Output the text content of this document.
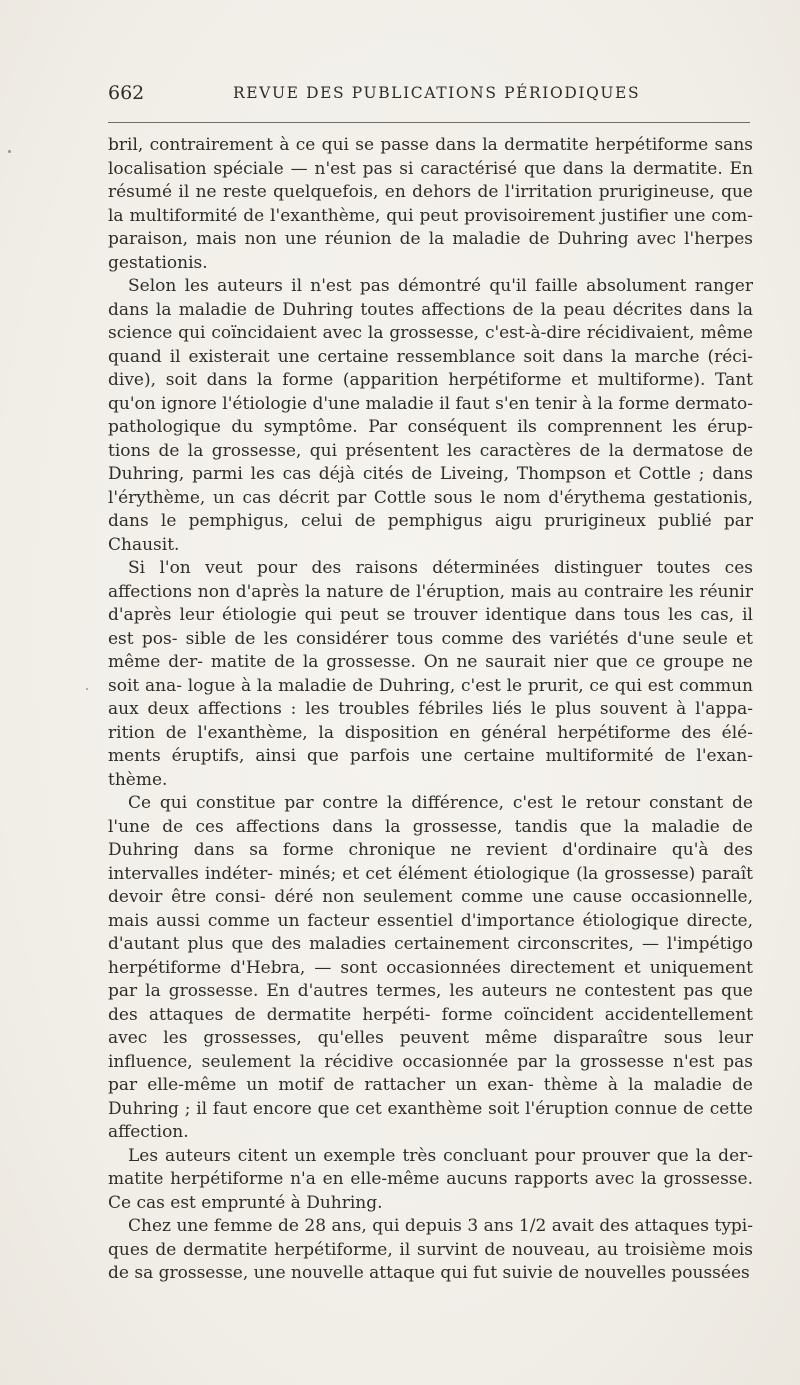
662	REVUE DES PUBLICATIONS PÉRIODIQUES

bril, contrairement à ce qui se passe dans la dermatite herpétiforme sans localisation spéciale — n'est pas si caractérisé que dans la dermatite. En résumé il ne reste quelquefois, en dehors de l'irritation prurigineuse, que la multiformité de l'exanthème, qui peut provisoirement justifier une com- paraison, mais non une réunion de la maladie de Duhring avec l'herpes gestationis.

Selon les auteurs il n'est pas démontré qu'il faille absolument ranger dans la maladie de Duhring toutes affections de la peau décrites dans la science qui coïncidaient avec la grossesse, c'est-à-dire récidivaient, même quand il existerait une certaine ressemblance soit dans la marche (réci- dive), soit dans la forme (apparition herpétiforme et multiforme). Tant qu'on ignore l'étiologie d'une maladie il faut s'en tenir à la forme dermato- pathologique du symptôme. Par conséquent ils comprennent les érup- tions de la grossesse, qui présentent les caractères de la dermatose de Duhring, parmi les cas déjà cités de Liveing, Thompson et Cottle ; dans l'érythème, un cas décrit par Cottle sous le nom d'érythema gestationis, dans le pemphigus, celui de pemphigus aigu prurigineux publié par Chausit.

Si l'on veut pour des raisons déterminées distinguer toutes ces affections non d'après la nature de l'éruption, mais au contraire les réunir d'après leur étiologie qui peut se trouver identique dans tous les cas, il est pos- sible de les considérer tous comme des variétés d'une seule et même der- matite de la grossesse. On ne saurait nier que ce groupe ne soit ana- logue à la maladie de Duhring, c'est le prurit, ce qui est commun aux deux affections : les troubles fébriles liés le plus souvent à l'appa- rition de l'exanthème, la disposition en général herpétiforme des élé- ments éruptifs, ainsi que parfois une certaine multiformité de l'exan- thème.

Ce qui constitue par contre la différence, c'est le retour constant de l'une de ces affections dans la grossesse, tandis que la maladie de Duhring dans sa forme chronique ne revient d'ordinaire qu'à des intervalles indéter- minés; et cet élément étiologique (la grossesse) paraît devoir être consi- déré non seulement comme une cause occasionnelle, mais aussi comme un facteur essentiel d'importance étiologique directe, d'autant plus que des maladies certainement circonscrites, — l'impétigo herpétiforme d'Hebra, — sont occasionnées directement et uniquement par la grossesse. En d'autres termes, les auteurs ne contestent pas que des attaques de dermatite herpéti- forme coïncident accidentellement avec les grossesses, qu'elles peuvent même disparaître sous leur influence, seulement la récidive occasionnée par la grossesse n'est pas par elle-même un motif de rattacher un exan- thème à la maladie de Duhring ; il faut encore que cet exanthème soit l'éruption connue de cette affection.

Les auteurs citent un exemple très concluant pour prouver que la der- matite herpétiforme n'a en elle-même aucuns rapports avec la grossesse. Ce cas est emprunté à Duhring.

Chez une femme de 28 ans, qui depuis 3 ans 1/2 avait des attaques typi- ques de dermatite herpétiforme, il survint de nouveau, au troisième mois de sa grossesse, une nouvelle attaque qui fut suivie de nouvelles poussées
